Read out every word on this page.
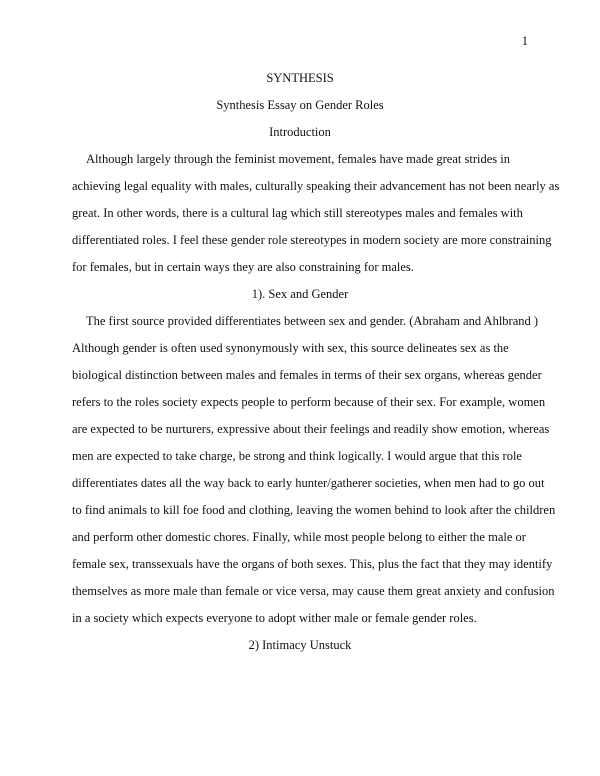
1
SYNTHESIS
Synthesis Essay on Gender Roles
Introduction
Although largely through the feminist movement, females have made great strides in
achieving legal equality with males, culturally speaking their advancement has not been nearly as
great. In other words, there is a cultural lag which still stereotypes males and females with
differentiated roles. I feel these gender role stereotypes in modern society are more constraining
for females, but in certain ways they are also constraining for males.
1). Sex and Gender
The first source provided differentiates between sex and gender. (Abraham and Ahlbrand )
Although gender is often used synonymously with sex, this source delineates sex as the
biological distinction between males and females in terms of their sex organs, whereas gender
refers to the roles society expects people to perform because of their sex. For example, women
are expected to be nurturers, expressive about their feelings and readily show emotion, whereas
men are expected to take charge, be strong and think logically. I would argue that this role
differentiates dates all the way back to early hunter/gatherer societies, when men had to go out
to find animals to kill foe food and clothing, leaving the women behind to look after the children
and perform other domestic chores. Finally, while most people belong to either the male or
female sex, transsexuals have the organs of both sexes. This, plus the fact that they may identify
themselves as more male than female or vice versa, may cause them great anxiety and confusion
in a society which expects everyone to adopt wither male or female gender roles.
2) Intimacy Unstuck
